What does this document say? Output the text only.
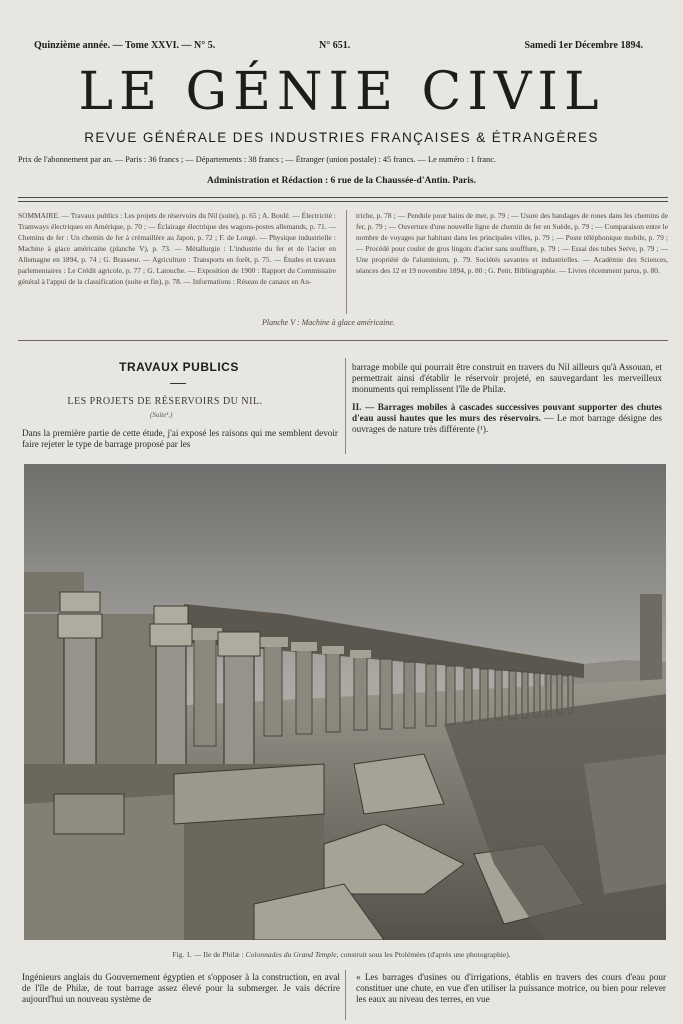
Quinzième année. — Tome XXVI. — N° 5.	N° 651.	Samedi 1er Décembre 1894.
LE GÉNIE CIVIL
REVUE GÉNÉRALE DES INDUSTRIES FRANÇAISES & ÉTRANGÈRES
Prix de l'abonnement par an. — Paris : 36 francs ; — Départements : 38 francs ; — Étranger (union postale) : 45 francs. — Le numéro : 1 franc.
Administration et Rédaction : 6 rue de la Chaussée-d'Antin. Paris.
SOMMAIRE. — Travaux publics : Les projets de réservoirs du Nil (suite), p. 65 ; A. Boulé. — Électricité : Tramways électriques en Amérique, p. 70 ; — Éclairage électrique des wagons-postes allemands, p. 71. — Chemins de fer : Un chemin de fer à crémaillère au Japon, p. 72 ; F. de Longé. — Physique industrielle : Machine à glace américaine (planche V), p. 73. — Métallurgie : L'industrie du fer et de l'acier en Allemagne en 1894, p. 74 ; G. Brasseur. — Agriculture : Transports en forêt, p. 75. — Études et travaux parlementaires : Le Crédit agricole, p. 77 ; G. Latouche. — Exposition de 1900 : Rapport du Commissaire général à l'appui de la classification (suite et fin), p. 78. — Informations : Réseau de canaux en Au-
triche, p. 78 ; — Pendule pour bains de mer, p. 79 ; — Usure des bandages de roues dans les chemins de fer, p. 79 ; — Ouverture d'une nouvelle ligne de chemin de fer en Suède, p. 79 ; — Comparaison entre le nombre de voyages par habitant dans les principales villes, p. 79 ; — Poste téléphonique mobile, p. 79 ; — Procédé pour couler de gros lingots d'acier sans soufflure, p. 79 ; — Essai des tubes Serve, p. 79 ; — Une propriété de l'aluminium, p. 79. Sociétés savantes et industrielles. — Académie des Sciences, séances des 12 et 19 novembre 1894, p. 80 ; G. Petit. Bibliographie. — Livres récemment parus, p. 80.
Planche V : Machine à glace américaine.
TRAVAUX PUBLICS
LES PROJETS DE RÉSERVOIRS DU NIL.
(Suite¹.)
Dans la première partie de cette étude, j'ai exposé les raisons qui me semblent devoir faire rejeter le type de barrage proposé par les
barrage mobile qui pourrait être construit en travers du Nil ailleurs qu'à Assouan, et permettrait ainsi d'établir le réservoir projeté, en sauvegardant les merveilleux monuments qui remplissent l'île de Philæ.
II. — Barrages mobiles à cascades successives pouvant supporter des chutes d'eau aussi hautes que les murs des réservoirs. — Le mot barrage désigne des ouvrages de nature très différente (¹).
Fig. 1. — Ile de Philæ : Colonnades du Grand Temple, construit sous les Ptolémées (d'après une photographie).
Ingénieurs anglais du Gouvernement égyptien et s'opposer à la construction, en aval de l'île de Philæ, de tout barrage assez élevé pour la submerger. Je vais décrire aujourd'hui un nouveau système de
« Les barrages d'usines ou d'irrigations, établis en travers des cours d'eau pour constituer une chute, en vue d'en utiliser la puissance motrice, ou bien pour relever les eaux au niveau des terres, en vue
